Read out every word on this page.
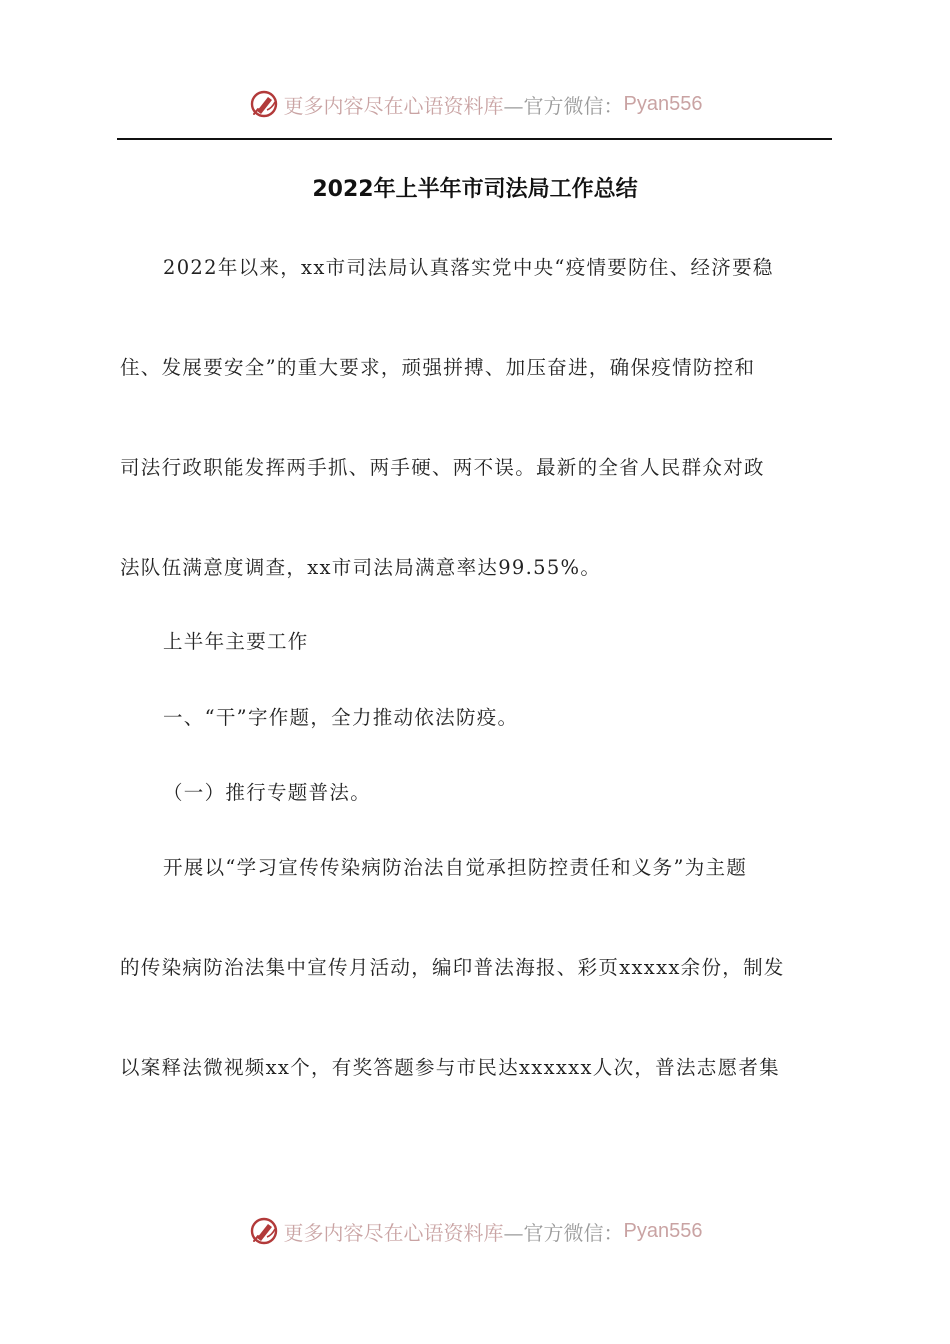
更多内容尽在心语资料库 —官方微信： Pyan556
2022年上半年市司法局工作总结
2022年以来，xx市司法局认真落实党中央“疫情要防住、经济要稳
住、发展要安全”的重大要求，顽强拼搏、加压奋进，确保疫情防控和
司法行政职能发挥两手抓、两手硬、两不误。最新的全省人民群众对政
法队伍满意度调查，xx市司法局满意率达99.55%。
上半年主要工作
一、“干”字作题，全力推动依法防疫。
（一）推行专题普法。
开展以“学习宣传传染病防治法自觉承担防控责任和义务”为主题
的传染病防治法集中宣传月活动，编印普法海报、彩页xxxxx余份，制发
以案释法微视频xx个，有奖答题参与市民达xxxxxx人次，普法志愿者集
更多内容尽在心语资料库 —官方微信： Pyan556
